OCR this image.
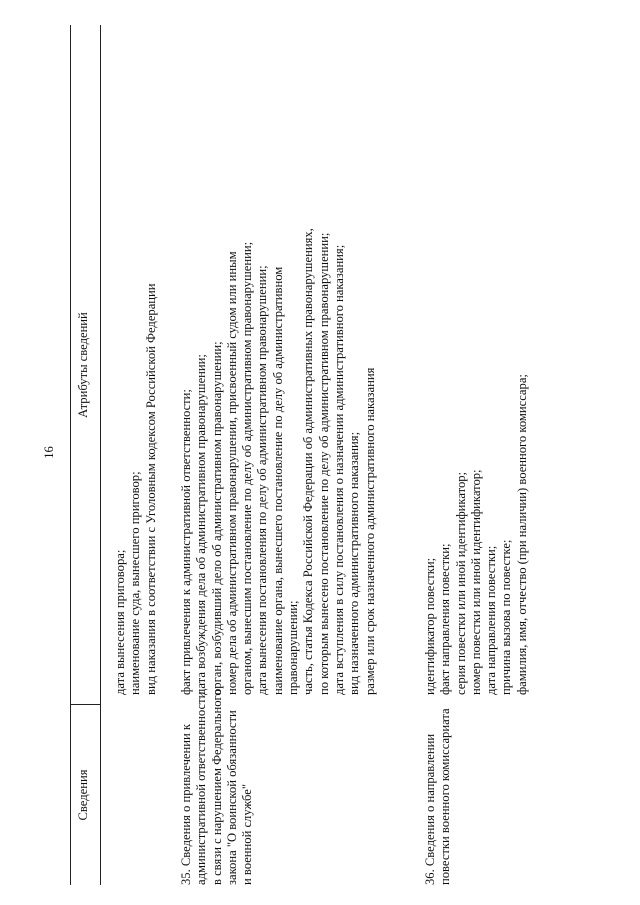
16
Сведения
Атрибуты сведений
дата вынесения приговора; наименование суда, вынесшего приговор; вид наказания в соответствии с Уголовным кодексом Российской Федерации
35. Сведения о привлечении к административной ответственности в связи с нарушением Федерального закона "О воинской обязанности и военной службе"
факт привлечения к административной ответственности; дата возбуждения дела об административном правонарушении; орган, возбудивший дело об административном правонарушении; номер дела об административном правонарушении, присвоенный судом или иным органом, вынесшим постановление по делу об административном правонарушении; дата вынесения постановления по делу об административном правонарушении; наименование органа, вынесшего постановление по делу об административном правонарушении; часть, статья Кодекса Российской Федерации об административных правонарушениях, по которым вынесено постановление по делу об административном правонарушении; дата вступления в силу постановления о назначении административного наказания; вид назначенного административного наказания; размер или срок назначенного административного наказания
36. Сведения о направлении повестки военного комиссариата
идентификатор повестки; факт направления повестки; серия повестки или иной идентификатор; номер повестки или иной идентификатор; дата направления повестки; причина вызова по повестке; фамилия, имя, отчество (при наличии) военного комиссара;
